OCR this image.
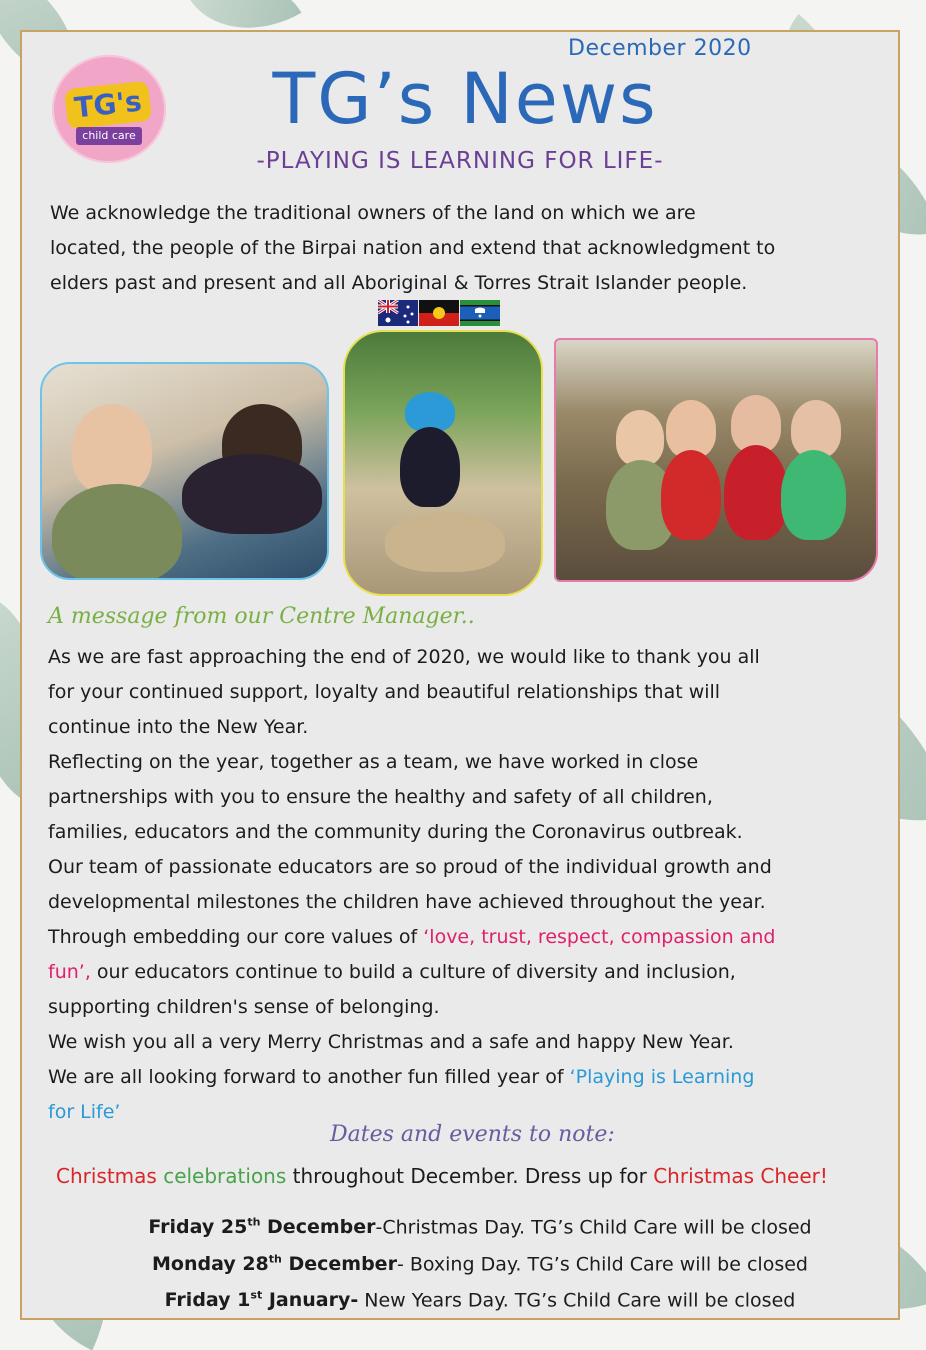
TG's
child care
December 2020
TG’s News
-PLAYING IS LEARNING FOR LIFE-
We acknowledge the traditional owners of the land on which we are
located, the people of the Birpai nation and extend that acknowledgment to
elders past and present and all Aboriginal & Torres Strait Islander people.
A message from our Centre Manager..
As we are fast approaching the end of 2020, we would like to thank you all
for your continued support, loyalty and beautiful relationships that will
continue into the New Year.
Reflecting on the year, together as a team, we have worked in close
partnerships with you to ensure the healthy and safety of all children,
families, educators and the community during the Coronavirus outbreak.
Our team of passionate educators are so proud of the individual growth and
developmental milestones the children have achieved throughout the year.
Through embedding our core values of ‘love, trust, respect, compassion and
fun’, our educators continue to build a culture of diversity and inclusion,
supporting children's sense of belonging.
We wish you all a very Merry Christmas and a safe and happy New Year.
We are all looking forward to another fun filled year of ‘Playing is Learning
for Life’
Dates and events to note:
Christmas celebrations throughout December. Dress up for Christmas Cheer!
Friday 25th December-Christmas Day. TG’s Child Care will be closed
Monday 28th December- Boxing Day. TG’s Child Care will be closed
Friday 1st January- New Years Day. TG’s Child Care will be closed
